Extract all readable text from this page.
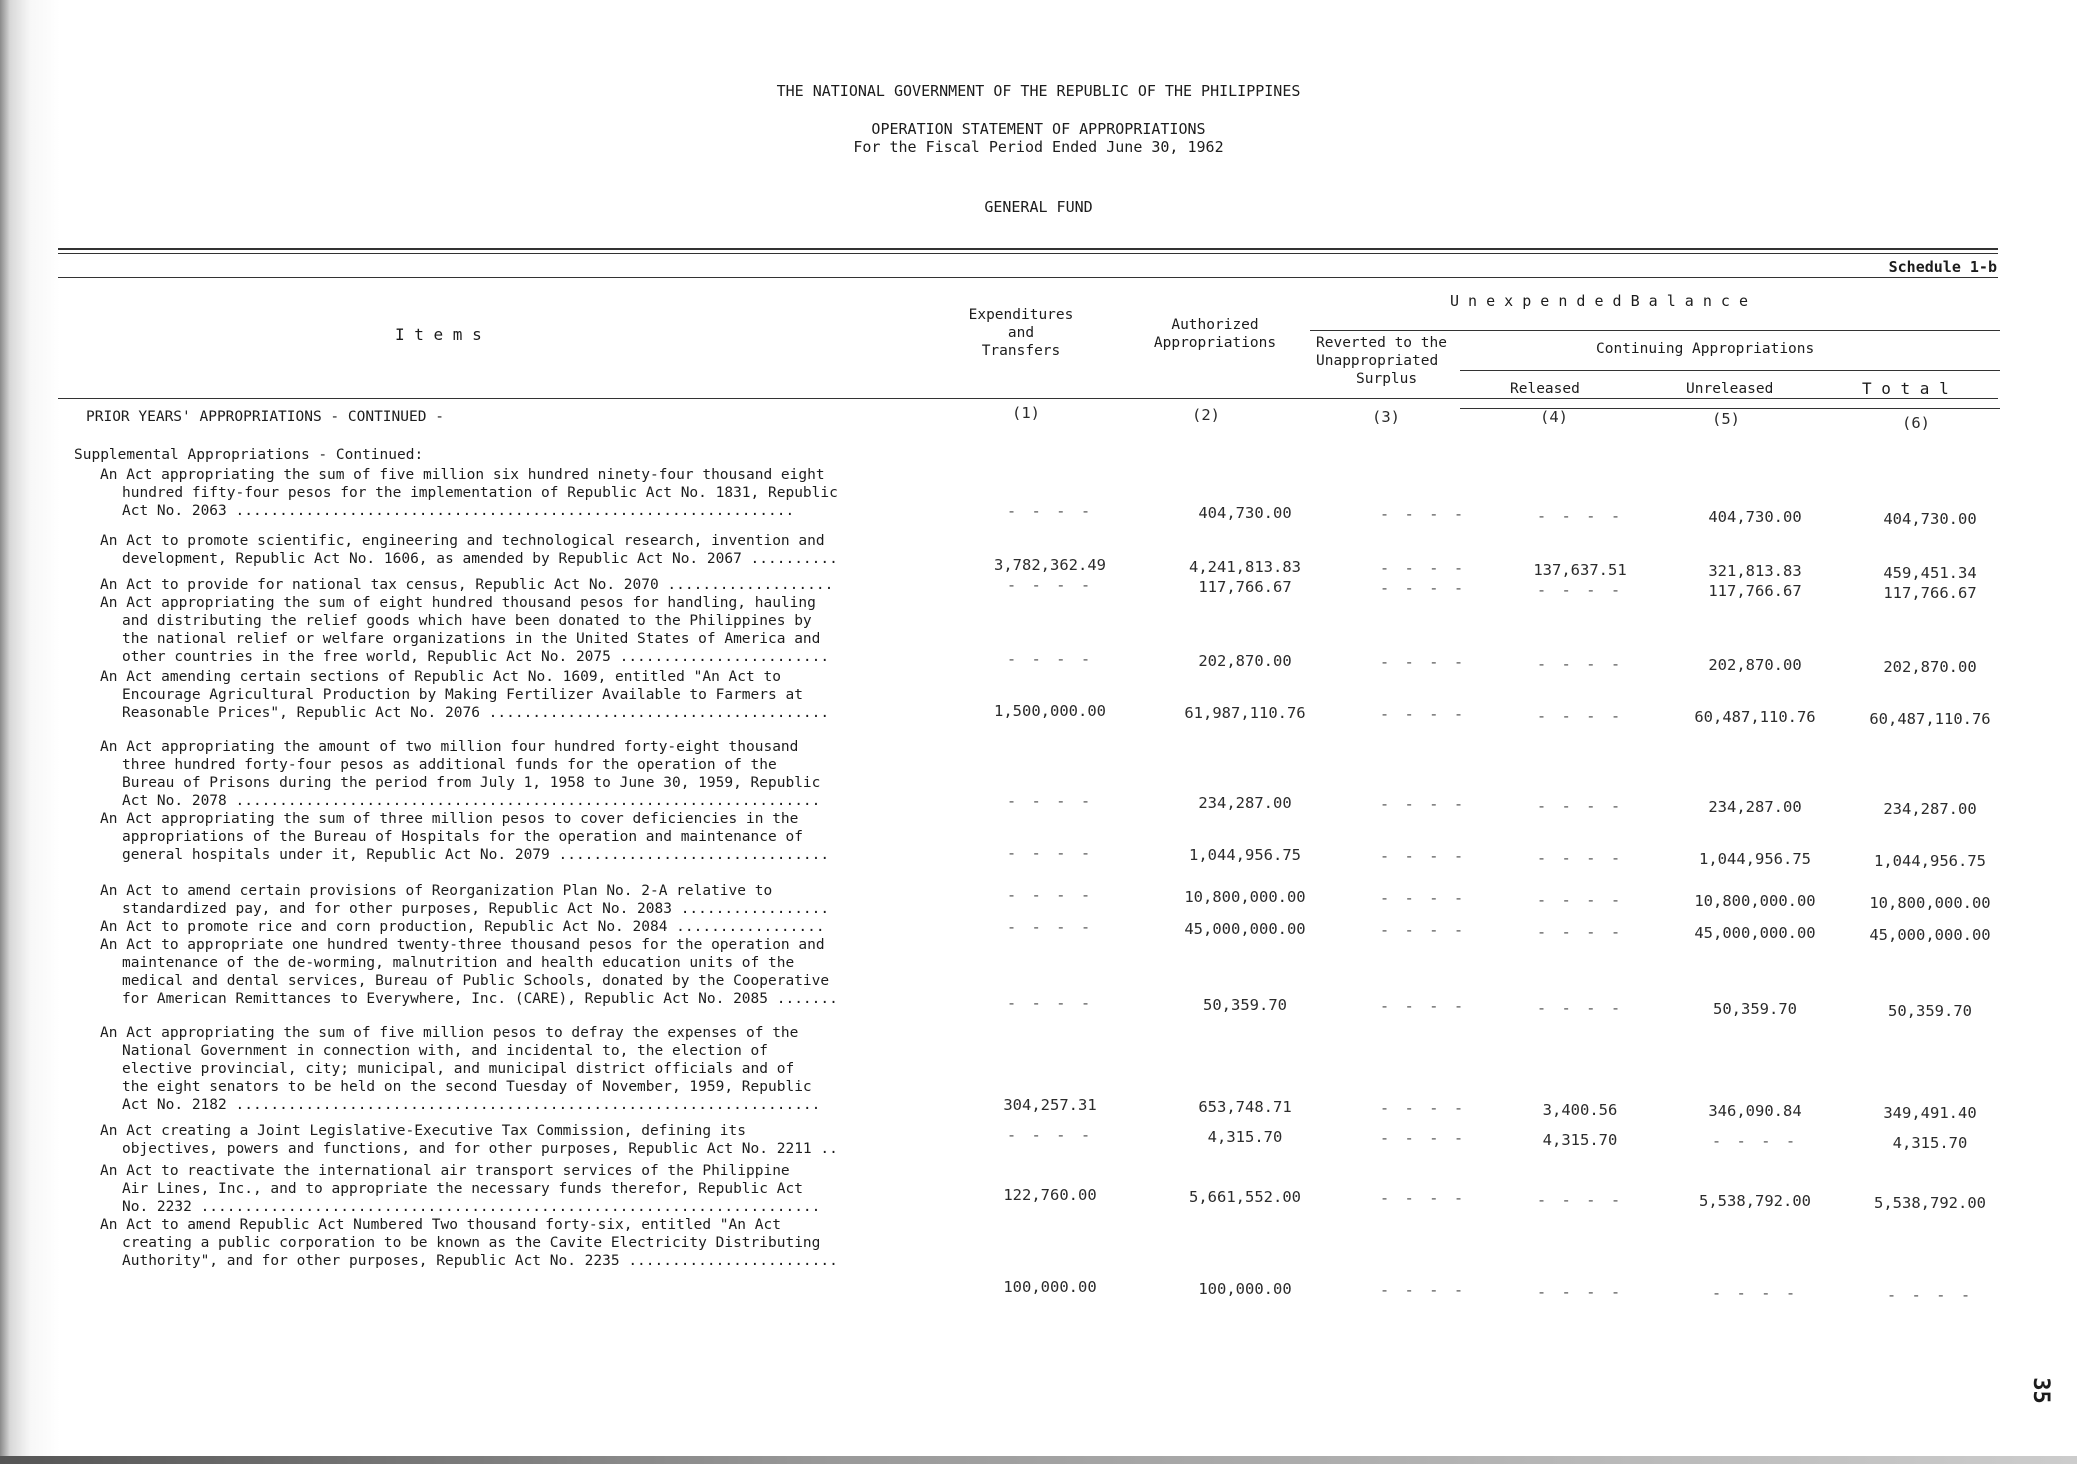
THE NATIONAL GOVERNMENT OF THE REPUBLIC OF THE PHILIPPINES
OPERATION STATEMENT OF APPROPRIATIONS
For the Fiscal Period Ended June 30, 1962
GENERAL FUND
Schedule 1-b
I t e m s
Expenditures
and
Transfers
Authorized
Appropriations
U n e x p e n d e d B a l a n c e
Reverted to the
Unappropriated
Surplus
Continuing Appropriations
Released	Unreleased	T o t a l
(1)	(2)	(3)	(4)	(5)	(6)
PRIOR YEARS' APPROPRIATIONS - CONTINUED -
Supplemental Appropriations - Continued:
An Act appropriating the sum of five million six hundred ninety-four thousand eight
hundred fifty-four pesos for the implementation of Republic Act No. 1831, Republic
Act No. 2063 ................................................................	- - - -	404,730.00	- - - -	- - - -	404,730.00	404,730.00
An Act to promote scientific, engineering and technological research, invention and
development, Republic Act No. 1606, as amended by Republic Act No. 2067 ..........	3,782,362.49	4,241,813.83	- - - -	137,637.51	321,813.83	459,451.34
An Act to provide for national tax census, Republic Act No. 2070 ...................	- - - -	117,766.67	- - - -	- - - -	117,766.67	117,766.67
An Act appropriating the sum of eight hundred thousand pesos for handling, hauling
and distributing the relief goods which have been donated to the Philippines by
the national relief or welfare organizations in the United States of America and
other countries in the free world, Republic Act No. 2075 ........................	- - - -	202,870.00	- - - -	- - - -	202,870.00	202,870.00
An Act amending certain sections of Republic Act No. 1609, entitled "An Act to
Encourage Agricultural Production by Making Fertilizer Available to Farmers at
Reasonable Prices", Republic Act No. 2076 .......................................	1,500,000.00	61,987,110.76	- - - -	- - - -	60,487,110.76	60,487,110.76
An Act appropriating the amount of two million four hundred forty-eight thousand
three hundred forty-four pesos as additional funds for the operation of the
Bureau of Prisons during the period from July 1, 1958 to June 30, 1959, Republic
Act No. 2078 ...................................................................	- - - -	234,287.00	- - - -	- - - -	234,287.00	234,287.00
An Act appropriating the sum of three million pesos to cover deficiencies in the
appropriations of the Bureau of Hospitals for the operation and maintenance of
general hospitals under it, Republic Act No. 2079 ...............................	- - - -	1,044,956.75	- - - -	- - - -	1,044,956.75	1,044,956.75
An Act to amend certain provisions of Reorganization Plan No. 2-A relative to
standardized pay, and for other purposes, Republic Act No. 2083 .................
- - - -	10,800,000.00	- - - -	- - - -	10,800,000.00	10,800,000.00
An Act to promote rice and corn production, Republic Act No. 2084 .................	- - - -	45,000,000.00	- - - -	- - - -	45,000,000.00	45,000,000.00
An Act to appropriate one hundred twenty-three thousand pesos for the operation and
maintenance of the de-worming, malnutrition and health education units of the
medical and dental services, Bureau of Public Schools, donated by the Cooperative
for American Remittances to Everywhere, Inc. (CARE), Republic Act No. 2085 .......	- - - -	50,359.70	- - - -	- - - -	50,359.70	50,359.70
An Act appropriating the sum of five million pesos to defray the expenses of the
National Government in connection with, and incidental to, the election of
elective provincial, city; municipal, and municipal district officials and of
the eight senators to be held on the second Tuesday of November, 1959, Republic
Act No. 2182 ...................................................................	304,257.31	653,748.71	- - - -	3,400.56	346,090.84	349,491.40
An Act creating a Joint Legislative-Executive Tax Commission, defining its
objectives, powers and functions, and for other purposes, Republic Act No. 2211 ..
- - - -	4,315.70	- - - -	4,315.70	- - - -	4,315.70
An Act to reactivate the international air transport services of the Philippine
Air Lines, Inc., and to appropriate the necessary funds therefor, Republic Act
No. 2232 .......................................................................
122,760.00	5,661,552.00	- - - -	- - - -	5,538,792.00	5,538,792.00
An Act to amend Republic Act Numbered Two thousand forty-six, entitled "An Act
creating a public corporation to be known as the Cavite Electricity Distributing
Authority", and for other purposes, Republic Act No. 2235 ........................
100,000.00	100,000.00	- - - -	- - - -	- - - -	- - - -
35
